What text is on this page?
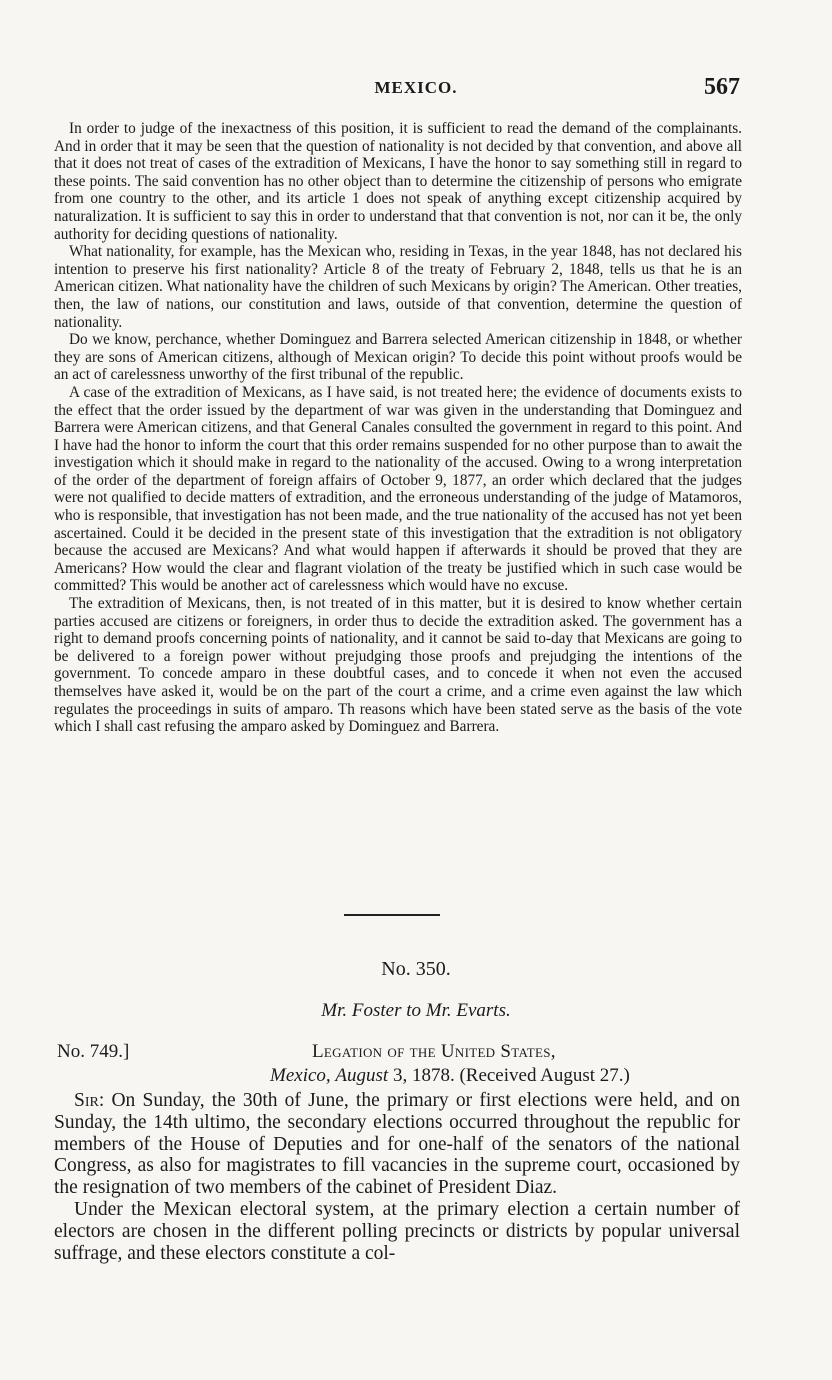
MEXICO.	567

In order to judge of the inexactness of this position, it is sufficient to read the demand of the complainants. And in order that it may be seen that the question of nationality is not decided by that convention, and above all that it does not treat of cases of the extradition of Mexicans, I have the honor to say something still in regard to these points. The said convention has no other object than to determine the citizenship of persons who emigrate from one country to the other, and its article 1 does not speak of anything except citizenship acquired by naturalization. It is sufficient to say this in order to understand that that convention is not, nor can it be, the only authority for deciding questions of nationality.

What nationality, for example, has the Mexican who, residing in Texas, in the year 1848, has not declared his intention to preserve his first nationality? Article 8 of the treaty of February 2, 1848, tells us that he is an American citizen. What nationality have the children of such Mexicans by origin? The American. Other treaties, then, the law of nations, our constitution and laws, outside of that convention, determine the question of nationality.

Do we know, perchance, whether Dominguez and Barrera selected American citizenship in 1848, or whether they are sons of American citizens, although of Mexican origin? To decide this point without proofs would be an act of carelessness unworthy of the first tribunal of the republic.

A case of the extradition of Mexicans, as I have said, is not treated here; the evidence of documents exists to the effect that the order issued by the department of war was given in the understanding that Dominguez and Barrera were American citizens, and that General Canales consulted the government in regard to this point. And I have had the honor to inform the court that this order remains suspended for no other purpose than to await the investigation which it should make in regard to the nationality of the accused. Owing to a wrong interpretation of the order of the department of foreign affairs of October 9, 1877, an order which declared that the judges were not qualified to decide matters of extradition, and the erroneous understanding of the judge of Matamoros, who is responsible, that investigation has not been made, and the true nationality of the accused has not yet been ascertained. Could it be decided in the present state of this investigation that the extradition is not obligatory because the accused are Mexicans? And what would happen if afterwards it should be proved that they are Americans? How would the clear and flagrant violation of the treaty be justified which in such case would be committed? This would be another act of carelessness which would have no excuse.

The extradition of Mexicans, then, is not treated of in this matter, but it is desired to know whether certain parties accused are citizens or foreigners, in order thus to decide the extradition asked. The government has a right to demand proofs concerning points of nationality, and it cannot be said to-day that Mexicans are going to be delivered to a foreign power without prejudging those proofs and prejudging the intentions of the government. To concede amparo in these doubtful cases, and to concede it when not even the accused themselves have asked it, would be on the part of the court a crime, and a crime even against the law which regulates the proceedings in suits of amparo. Th reasons which have been stated serve as the basis of the vote which I shall cast refusing the amparo asked by Dominguez and Barrera.

No. 350.
Mr. Foster to Mr. Evarts.
No. 749.]	Legation of the United States,
Mexico, August 3, 1878. (Received August 27.)

Sir: On Sunday, the 30th of June, the primary or first elections were held, and on Sunday, the 14th ultimo, the secondary elections occurred throughout the republic for members of the House of Deputies and for one-half of the senators of the national Congress, as also for magistrates to fill vacancies in the supreme court, occasioned by the resignation of two members of the cabinet of President Diaz.

Under the Mexican electoral system, at the primary election a certain number of electors are chosen in the different polling precincts or districts by popular universal suffrage, and these electors constitute a col-
